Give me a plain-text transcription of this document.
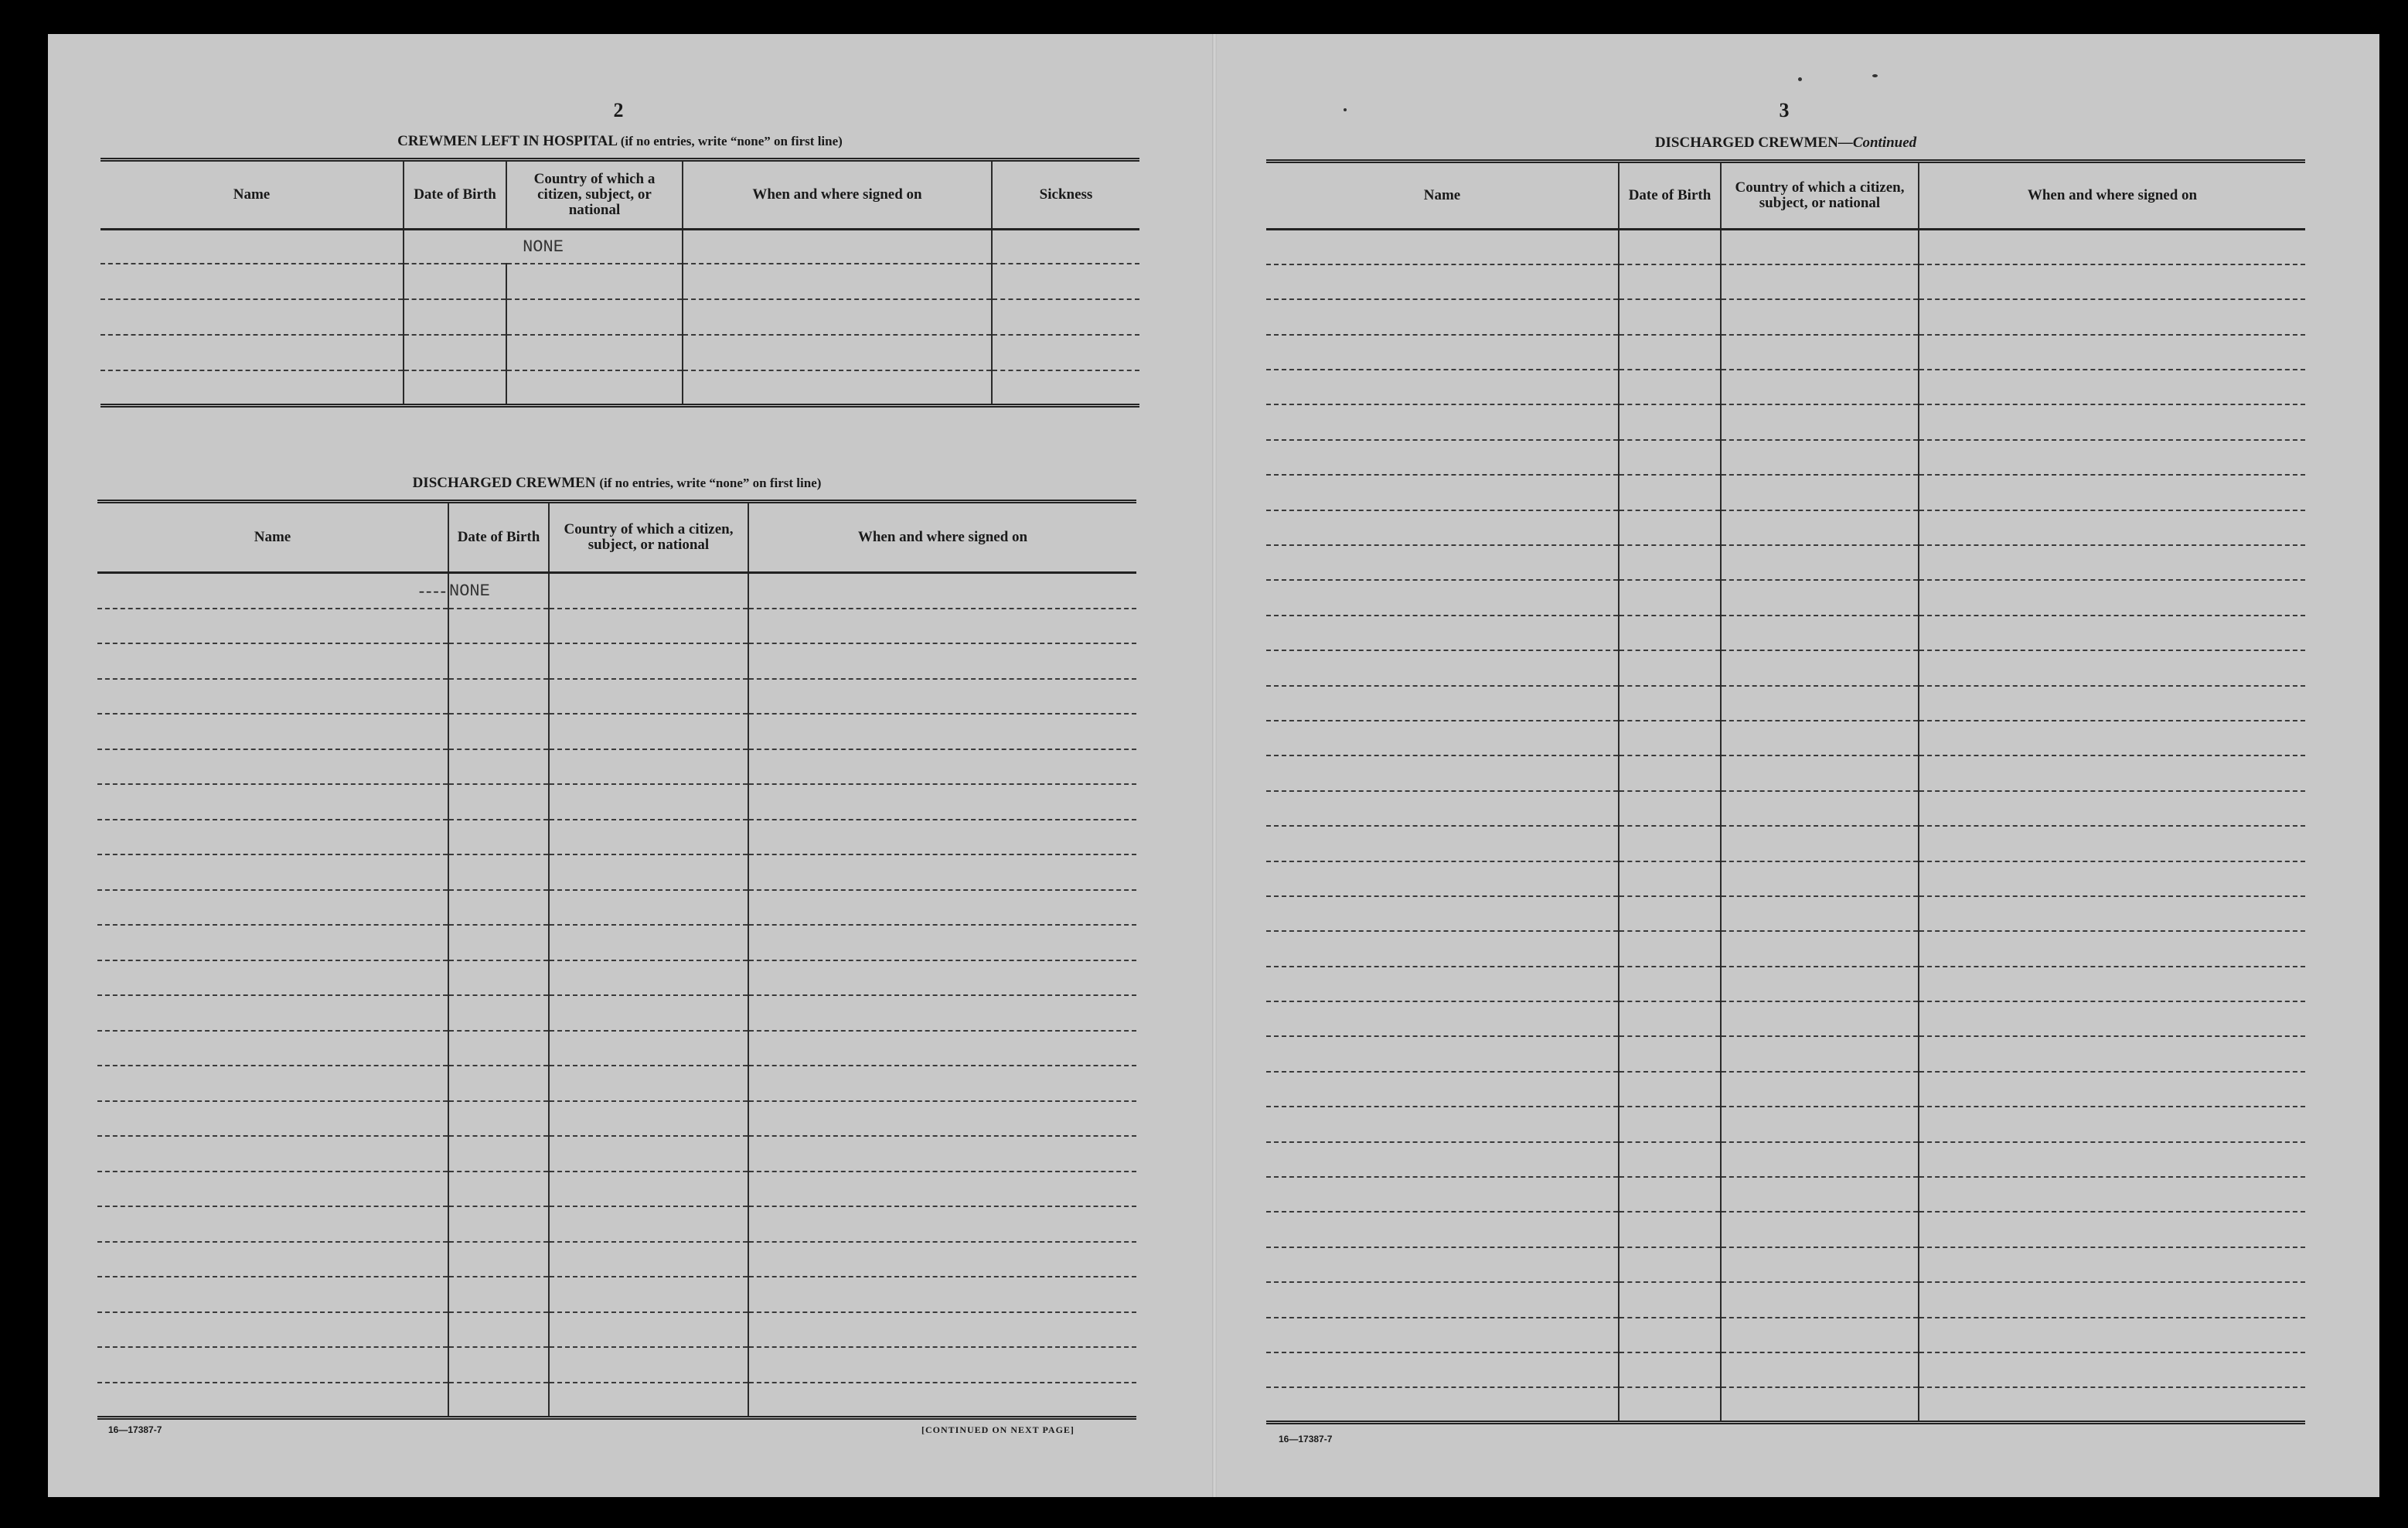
2
CREWMEN LEFT IN HOSPITAL (if no entries, write “none” on first line)
Name	Date of Birth	Country of which a citizen, subject, or national	When and where signed on	Sickness
	NONE			

DISCHARGED CREWMEN (if no entries, write “none” on first line)
Name	Date of Birth	Country of which a citizen, subject, or national	When and where signed on
----	NONE		

16—17387-7	[CONTINUED ON NEXT PAGE]
3
DISCHARGED CREWMEN—Continued
Name	Date of Birth	Country of which a citizen, subject, or national	When and where signed on

16—17387-7
